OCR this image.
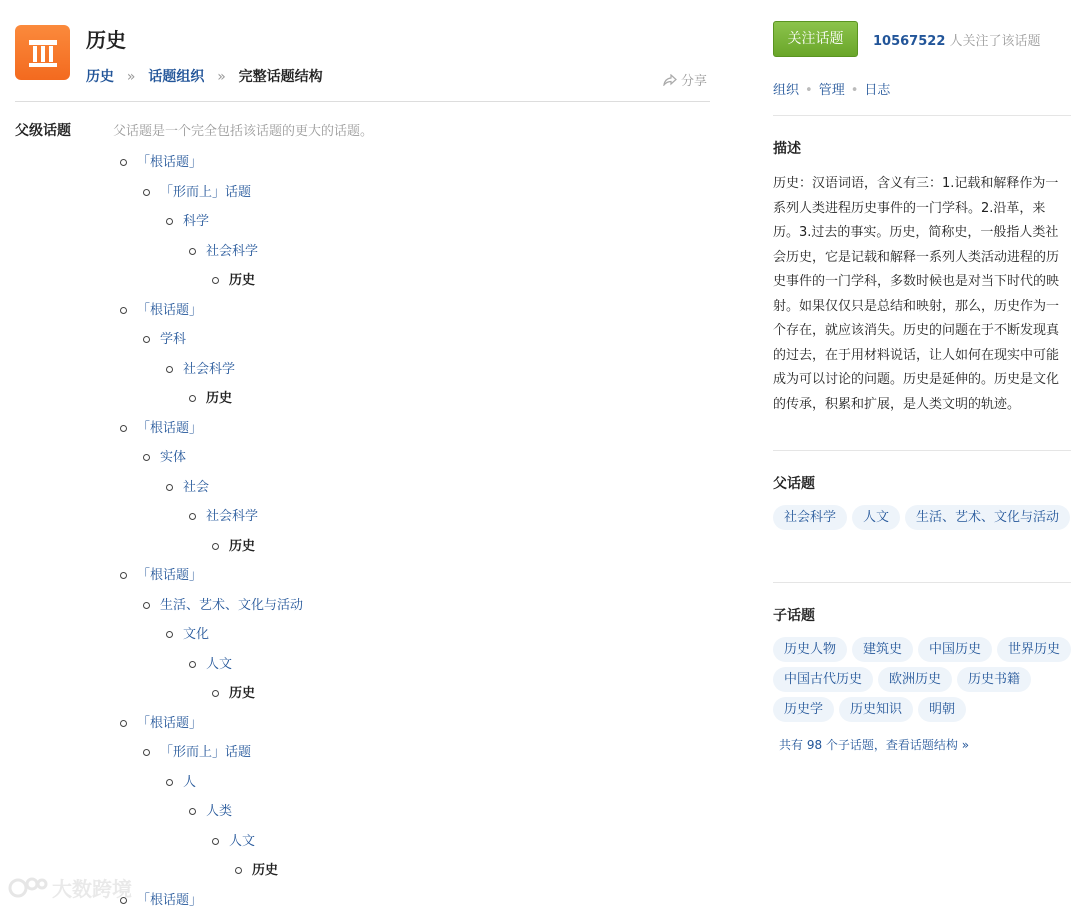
历史
历史 » 话题组织 » 完整话题结构	分享
父级话题	父话题是一个完全包括该话题的更大的话题。
「根话题」
「形而上」话题
科学
社会科学
历史
「根话题」
学科
社会科学
历史
「根话题」
实体
社会
社会科学
历史
「根话题」
生活、艺术、文化与活动
文化
人文
历史
「根话题」
「形而上」话题
人
人类
人文
历史
「根话题」
关注话题	10567522 人关注了该话题
组织 • 管理 • 日志
描述
历史：汉语词语，含义有三：1.记载和解释作为一系列人类进程历史事件的一门学科。2.沿革，来历。3.过去的事实。历史，简称史，一般指人类社会历史，它是记载和解释一系列人类活动进程的历史事件的一门学科，多数时候也是对当下时代的映射。如果仅仅只是总结和映射，那么，历史作为一个存在，就应该消失。历史的问题在于不断发现真的过去，在于用材料说话，让人如何在现实中可能成为可以讨论的问题。历史是延伸的。历史是文化的传承，积累和扩展，是人类文明的轨迹。
父话题
社会科学	人文	生活、艺术、文化与活动
子话题
历史人物	建筑史	中国历史	世界历史
中国古代历史	欧洲历史	历史书籍
历史学	历史知识	明朝
共有 98 个子话题，查看话题结构 »
大数跨境
